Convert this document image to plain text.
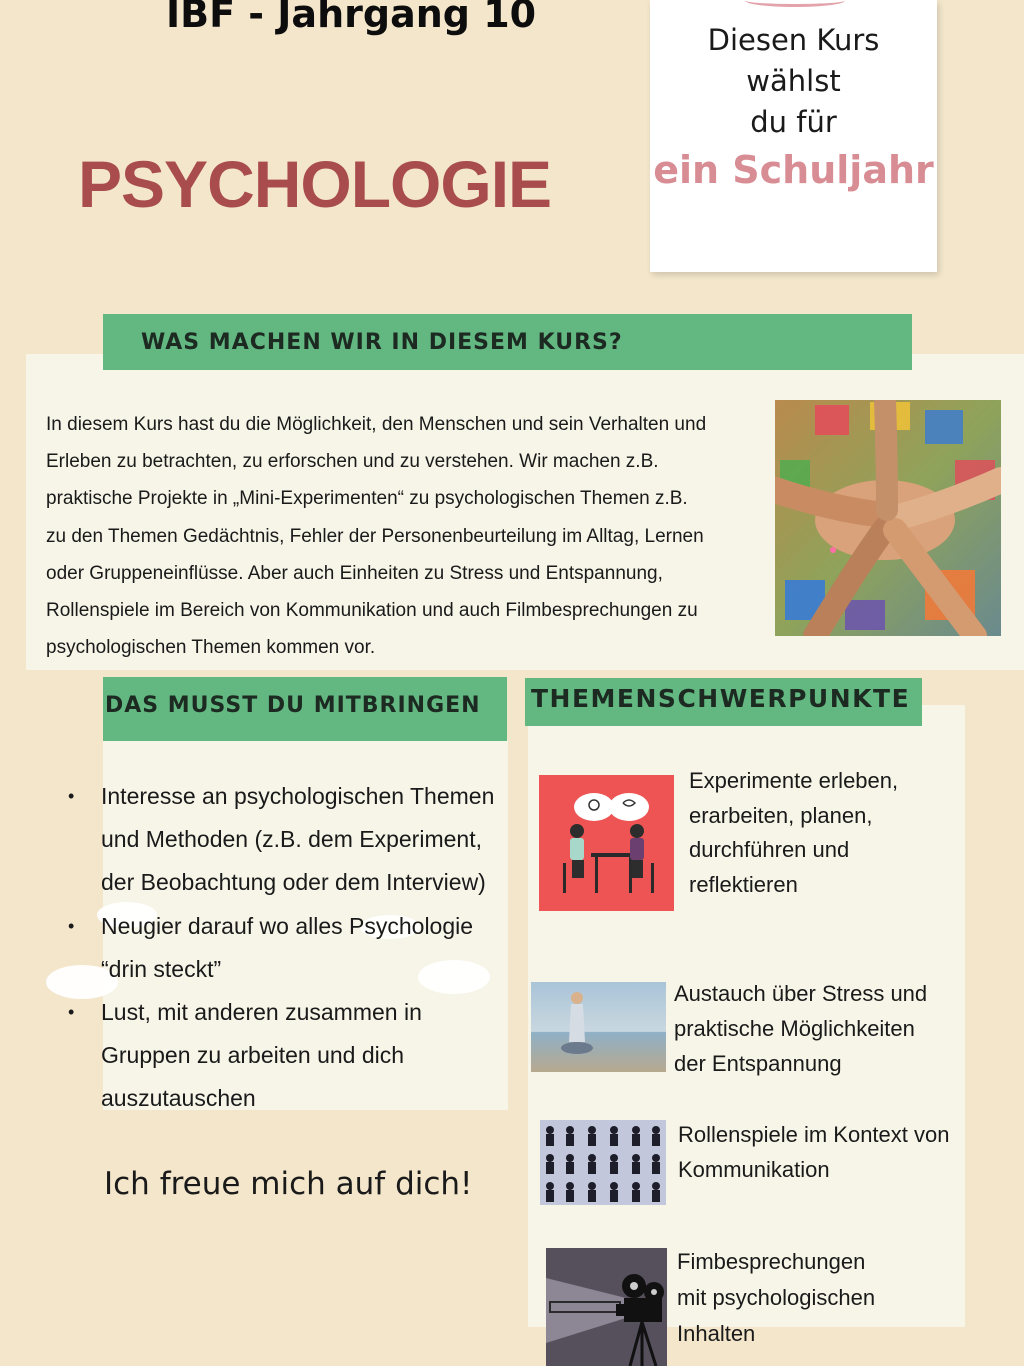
IBF - Jahrgang 10
PSYCHOLOGIE
Diesen Kurs
wählst
du für
ein Schuljahr
WAS MACHEN WIR IN DIESEM KURS?
In diesem Kurs hast du die Möglichkeit, den Menschen und sein Verhalten und
Erleben zu betrachten, zu erforschen und zu verstehen. Wir machen z.B.
praktische Projekte in „Mini-Experimenten“ zu psychologischen Themen z.B.
zu den Themen Gedächtnis, Fehler der Personenbeurteilung im Alltag, Lernen
oder Gruppeneinflüsse. Aber auch Einheiten zu Stress und Entspannung,
Rollenspiele im Bereich von Kommunikation und auch Filmbesprechungen zu
psychologischen Themen kommen vor.
DAS MUSST DU MITBRINGEN
• Interesse an psychologischen Themen
und Methoden (z.B. dem Experiment,
der Beobachtung oder dem Interview)
• Neugier darauf wo alles Psychologie
“drin steckt”
• Lust, mit anderen zusammen in
Gruppen zu arbeiten und dich
auszutauschen
Ich freue mich auf dich!
THEMENSCHWERPUNKTE
Experimente erleben,
erarbeiten, planen,
durchführen und
reflektieren
Austauch über Stress und
praktische Möglichkeiten
der Entspannung
Rollenspiele im Kontext von
Kommunikation
Fimbesprechungen
mit psychologischen
Inhalten
